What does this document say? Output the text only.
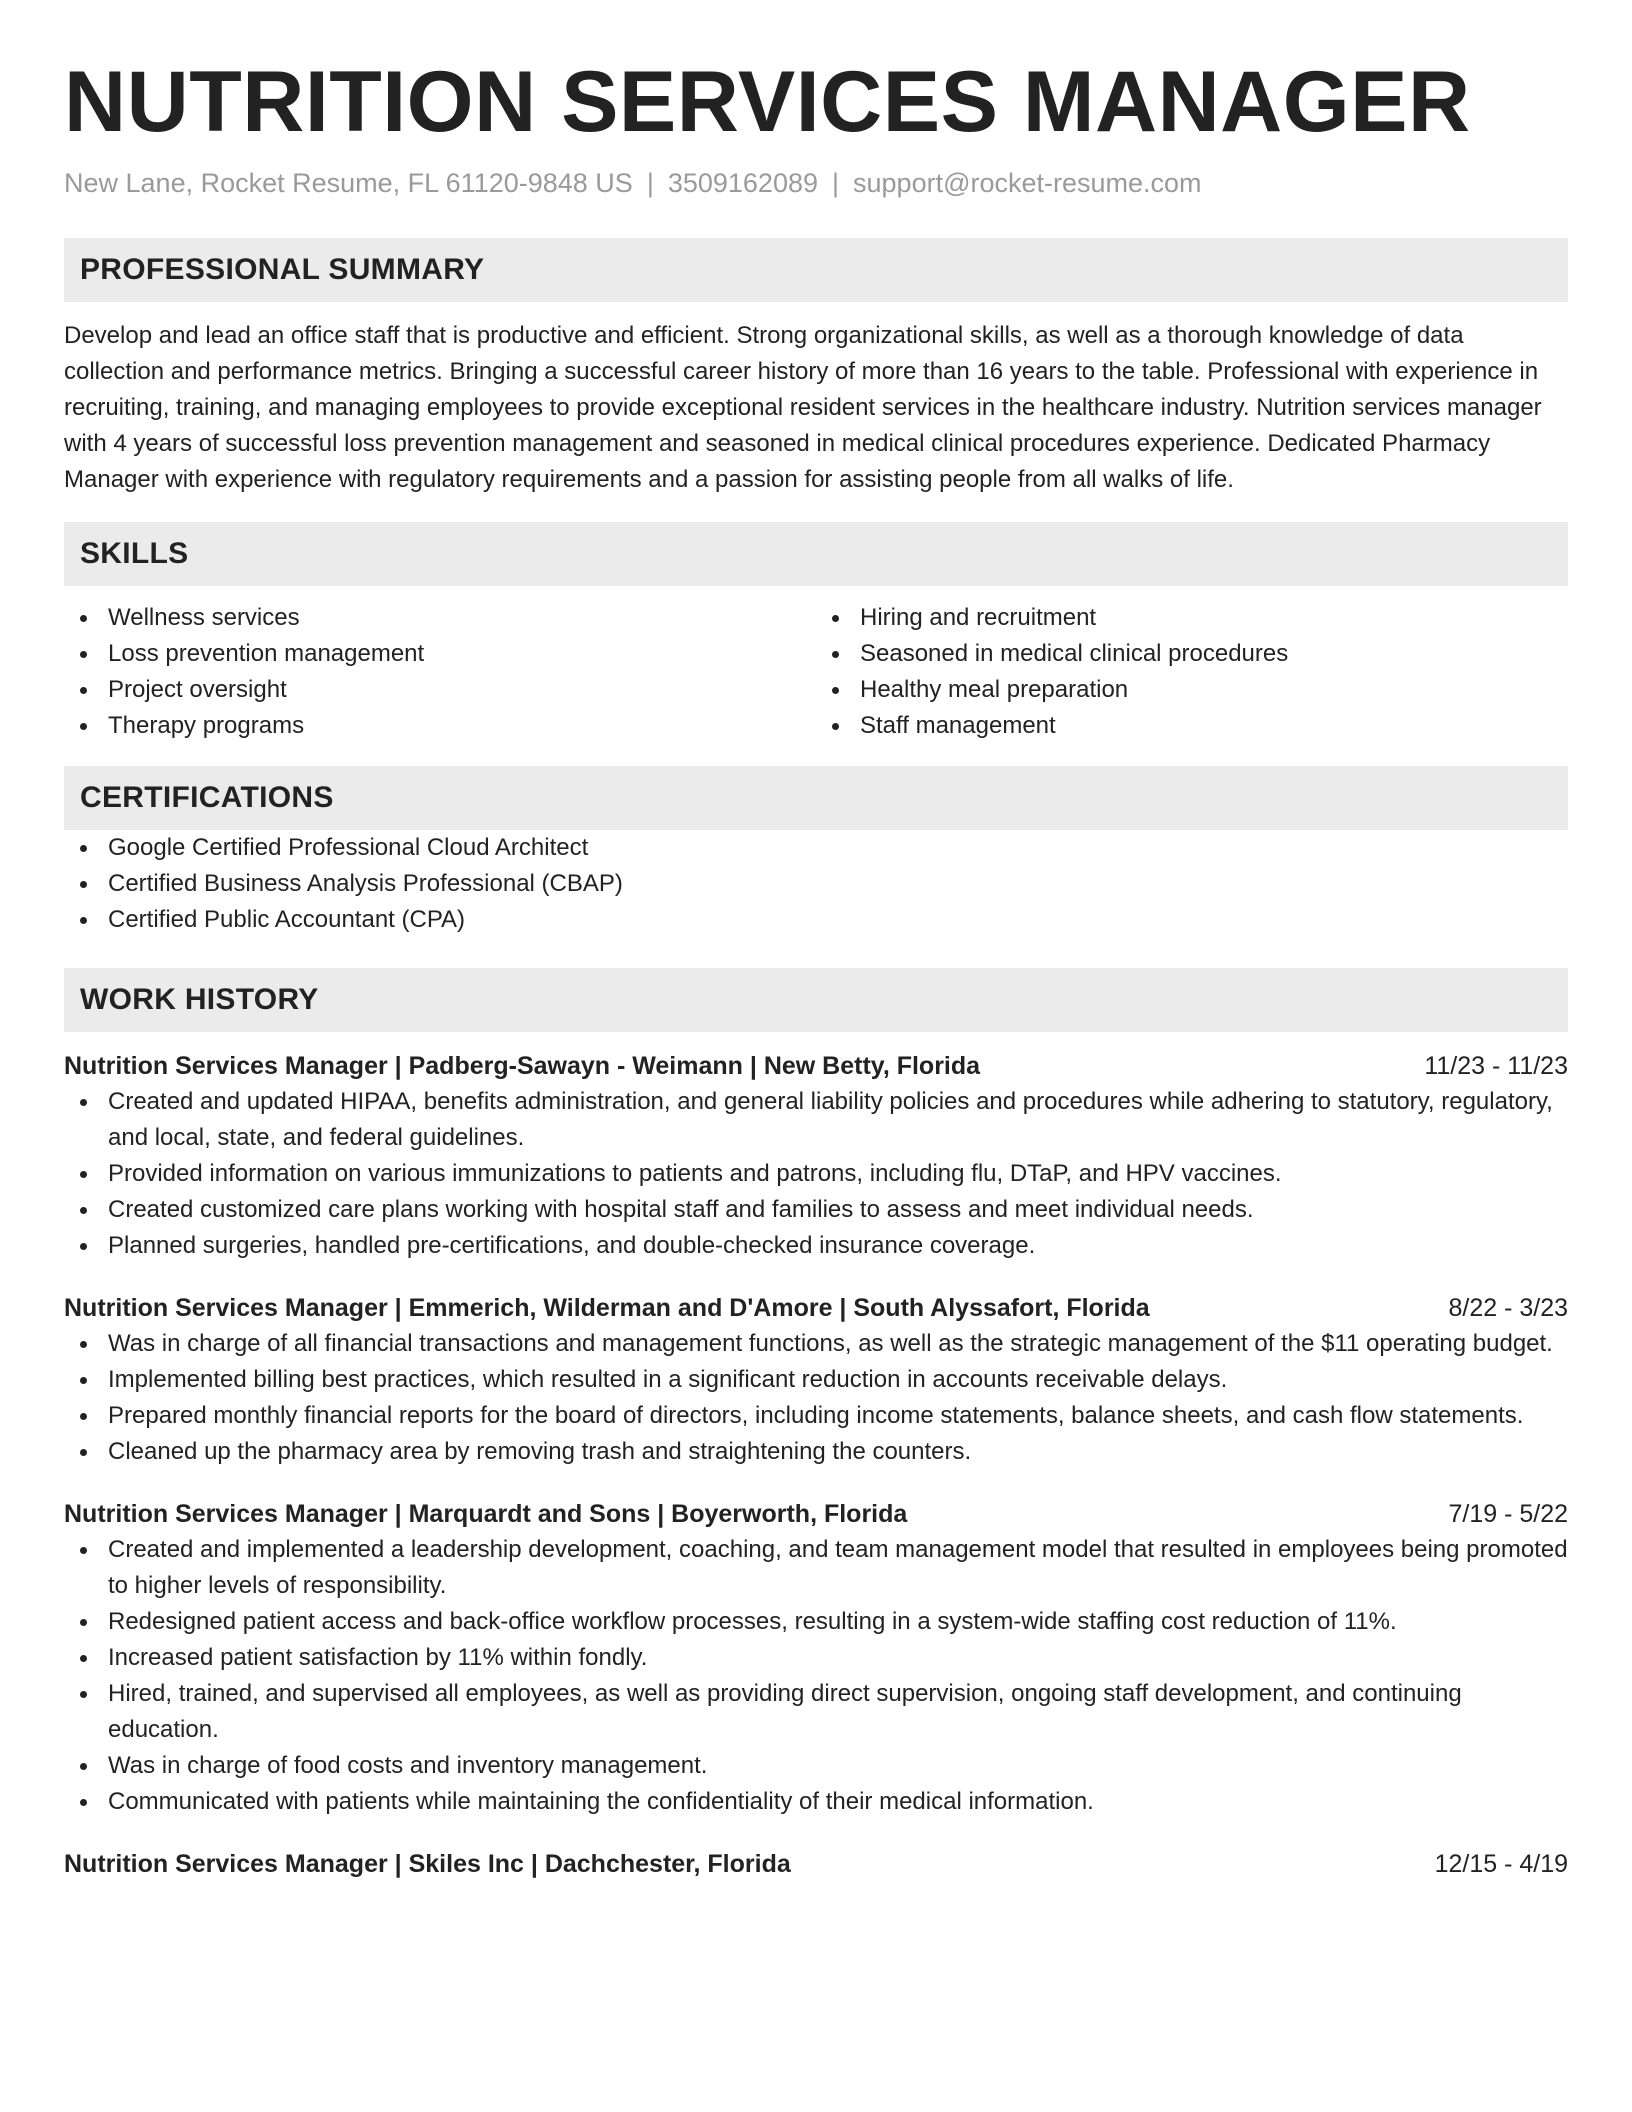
NUTRITION SERVICES MANAGER
New Lane, Rocket Resume, FL 61120-9848 US | 3509162089 | support@rocket-resume.com
PROFESSIONAL SUMMARY

Develop and lead an office staff that is productive and efficient. Strong organizational skills, as well as a thorough knowledge of data collection and performance metrics. Bringing a successful career history of more than 16 years to the table. Professional with experience in recruiting, training, and managing employees to provide exceptional resident services in the healthcare industry. Nutrition services manager with 4 years of successful loss prevention management and seasoned in medical clinical procedures experience. Dedicated Pharmacy Manager with experience with regulatory requirements and a passion for assisting people from all walks of life.

SKILLS
Wellness services
Loss prevention management
Project oversight
Therapy programs
Hiring and recruitment
Seasoned in medical clinical procedures
Healthy meal preparation
Staff management
CERTIFICATIONS
Google Certified Professional Cloud Architect
Certified Business Analysis Professional (CBAP)
Certified Public Accountant (CPA)
WORK HISTORY
Nutrition Services Manager | Padberg-Sawayn - Weimann | New Betty, Florida	11/23 - 11/23
Created and updated HIPAA, benefits administration, and general liability policies and procedures while adhering to statutory, regulatory, and local, state, and federal guidelines.
Provided information on various immunizations to patients and patrons, including flu, DTaP, and HPV vaccines.
Created customized care plans working with hospital staff and families to assess and meet individual needs.
Planned surgeries, handled pre-certifications, and double-checked insurance coverage.
Nutrition Services Manager | Emmerich, Wilderman and D'Amore | South Alyssafort, Florida	8/22 - 3/23
Was in charge of all financial transactions and management functions, as well as the strategic management of the $11 operating budget.
Implemented billing best practices, which resulted in a significant reduction in accounts receivable delays.
Prepared monthly financial reports for the board of directors, including income statements, balance sheets, and cash flow statements.
Cleaned up the pharmacy area by removing trash and straightening the counters.
Nutrition Services Manager | Marquardt and Sons | Boyerworth, Florida	7/19 - 5/22
Created and implemented a leadership development, coaching, and team management model that resulted in employees being promoted to higher levels of responsibility.
Redesigned patient access and back-office workflow processes, resulting in a system-wide staffing cost reduction of 11%.
Increased patient satisfaction by 11% within fondly.
Hired, trained, and supervised all employees, as well as providing direct supervision, ongoing staff development, and continuing education.
Was in charge of food costs and inventory management.
Communicated with patients while maintaining the confidentiality of their medical information.
Nutrition Services Manager | Skiles Inc | Dachchester, Florida	12/15 - 4/19
